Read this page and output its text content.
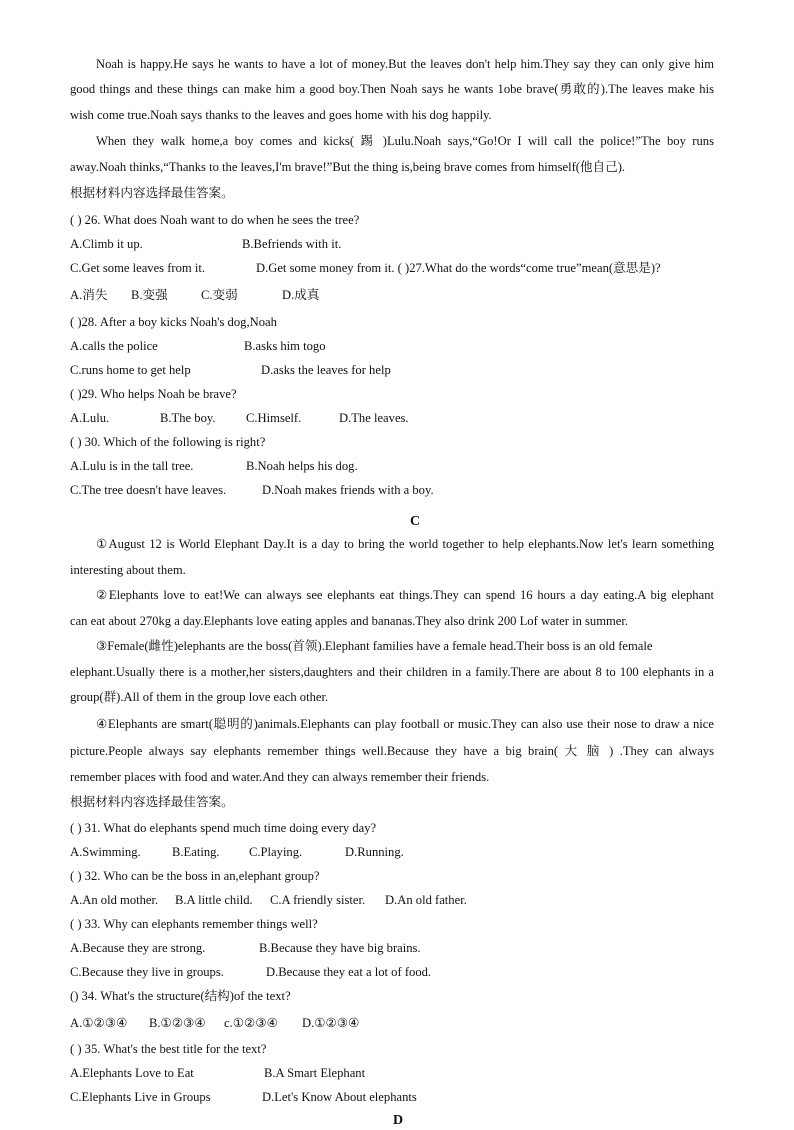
Noah is happy.He says he wants to have a lot of money.But the leaves don't help him.They say they can only give him
good things and these things can make him a good boy.Then Noah says he wants 1obe brave(勇敢的).The leaves make his
wish come true.Noah says thanks to the leaves and goes home with his dog happily.
When they walk home,a boy comes and kicks( 踢 )Lulu.Noah says,“Go!Or I will call the police!”The boy runs
away.Noah thinks,“Thanks to the leaves,I'm brave!”But the thing is,being brave comes from himself(他自己).
根据材料内容选择最佳答案。
( ) 26. What does Noah want to do when he sees the tree?
A.Climb it up.	B.Befriends with it.
C.Get some leaves from it.	D.Get some money from it. ( )27.What do the words“come true”mean(意思是)?
A.消失 B.变强	C.变弱	D.成真
( )28. After a boy kicks Noah's dog,Noah
A.calls the police	B.asks him togo
C.runs home to get help	D.asks the leaves for help
( )29. Who helps Noah be brave?
A.Lulu.	B.The boy. C.Himself.	D.The leaves.
( ) 30. Which of the following is right?
A.Lulu is in the tall tree.	B.Noah helps his dog.
C.The tree doesn't have leaves.	D.Noah makes friends with a boy.
C
①August 12 is World Elephant Day.It is a day to bring the world together to help elephants.Now let's learn something
interesting about them.
②Elephants love to eat!We can always see elephants eat things.They can spend 16 hours a day eating.A big elephant
can eat about 270kg a day.Elephants love eating apples and bananas.They also drink 200 Lof water in summer.
③Female(雌性)elephants are the boss(首领).Elephant families have a female head.Their boss is an old female
elephant.Usually there is a mother,her sisters,daughters and their children in a family.There are about 8 to 100 elephants in a
group(群).All of them in the group love each other.
④Elephants are smart(聪明的)animals.Elephants can play football or music.They can also use their nose to draw a nice
picture.People always say elephants remember things well.Because they have a big brain( 大 脑 ) .They can always
remember places with food and water.And they can always remember their friends.
根据材料内容选择最佳答案。
( ) 31. What do elephants spend much time doing every day?
A.Swimming. B.Eating. C.Playing.	D.Running.
( ) 32. Who can be the boss in an,elephant group?
A.An old mother. B.A little child. C.A friendly sister. D.An old father.
( ) 33. Why can elephants remember things well?
A.Because they are strong.	B.Because they have big brains.
C.Because they live in groups.	D.Because they eat a lot of food.
() 34. What's the structure(结构)of the text?
A.①②③④ B.①②③④ c.①②③④ D.①②③④
( ) 35. What's the best title for the text?
A.Elephants Love to Eat	B.A Smart Elephant
C.Elephants Live in Groups	D.Let's Know About elephants
D
